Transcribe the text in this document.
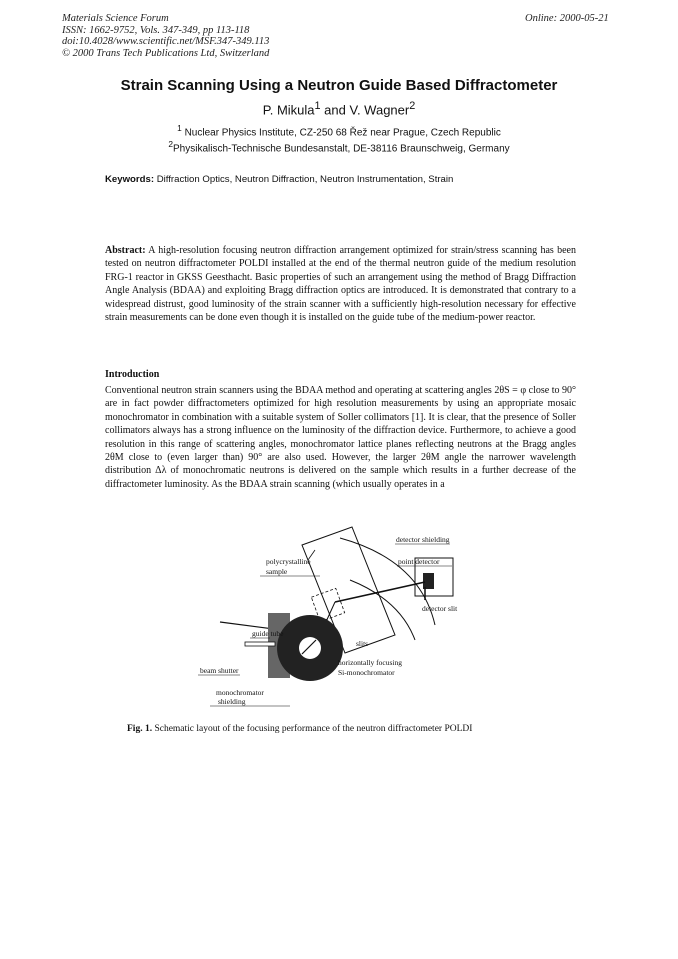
Materials Science Forum
ISSN: 1662-9752, Vols. 347-349, pp 113-118
doi:10.4028/www.scientific.net/MSF.347-349.113
© 2000 Trans Tech Publications Ltd, Switzerland
Online: 2000-05-21
Strain Scanning Using a Neutron Guide Based Diffractometer
P. Mikula$^1$ and V. Wagner$^2$
$^1$ Nuclear Physics Institute, CZ-250 68 Řež near Prague, Czech Republic
$^2$Physikalisch-Technische Bundesanstalt, DE-38116 Braunschweig, Germany
Keywords: Diffraction Optics, Neutron Diffraction, Neutron Instrumentation, Strain
Abstract: A high-resolution focusing neutron diffraction arrangement optimized for strain/stress scanning has been tested on neutron diffractometer POLDI installed at the end of the thermal neutron guide of the medium resolution FRG-1 reactor in GKSS Geesthacht. Basic properties of such an arrangement using the method of Bragg Diffraction Angle Analysis (BDAA) and exploiting Bragg diffraction optics are introduced. It is demonstrated that contrary to a widespread distrust, good luminosity of the strain scanner with a sufficiently high-resolution necessary for effective strain measurements can be done even though it is installed on the guide tube of the medium-power reactor.
Introduction
Conventional neutron strain scanners using the BDAA method and operating at scattering angles 2θS = φ close to 90° are in fact powder diffractometers optimized for high resolution measurements by using an appropriate mosaic monochromator in combination with a suitable system of Soller collimators [1]. It is clear, that the presence of Soller collimators always has a strong influence on the luminosity of the diffraction device. Furthermore, to achieve a good resolution in this range of scattering angles, monochromator lattice planes reflecting neutrons at the Bragg angles 2θM close to (even larger than) 90° are also used. However, the larger 2θM angle the narrower wavelength distribution Δλ of monochromatic neutrons is delivered on the sample which results in a further decrease of the diffractometer luminosity. As the BDAA strain scanning (which usually operates in a
detector shielding
point detector
polycrystalline
sample
detector slit
guide tube
slits
beam shutter
horizontally focusing
Si-monochromator
monochromator
shielding
Fig. 1. Schematic layout of the focusing performance of the neutron diffractometer POLDI
